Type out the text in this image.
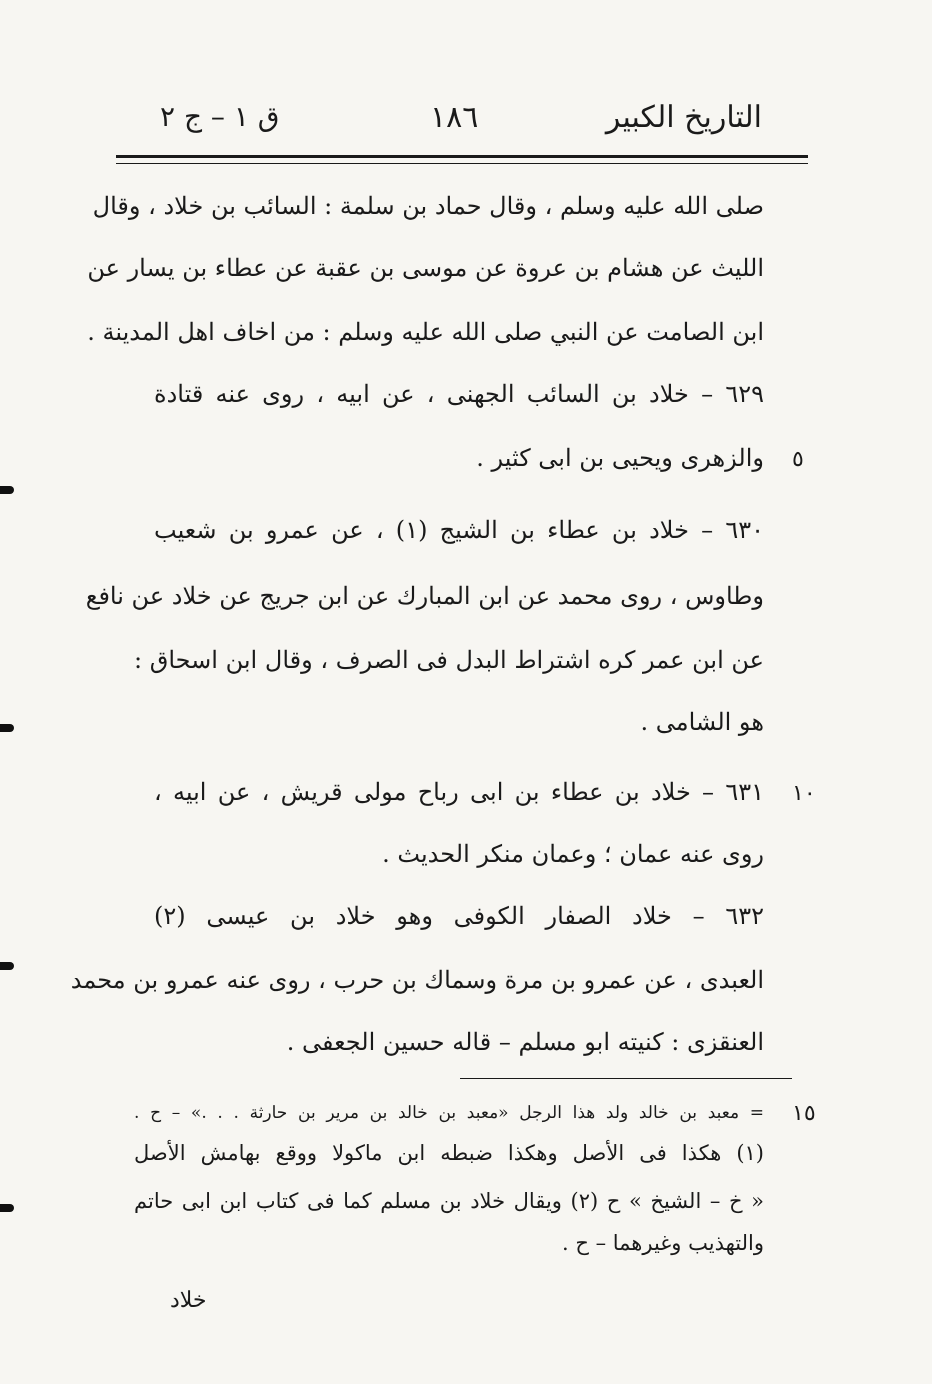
التاريخ الكبير
١٨٦
ق ١ – ج ٢
صلى الله عليه وسلم ، وقال حماد بن سلمة : السائب بن خلاد ، وقال
الليث عن هشام بن عروة عن موسى بن عقبة عن عطاء بن يسار عن
ابن الصامت عن النبي صلى الله عليه وسلم : من اخاف اهل المدينة .
٦٢٩ – خلاد بن السائب الجهنى ، عن ابيه ، روى عنه قتادة
والزهرى ويحيى بن ابى كثير . ٥
٦٣٠ – خلاد بن عطاء بن الشيج (١) ، عن عمرو بن شعيب
وطاوس ، روى محمد عن ابن المبارك عن ابن جريج عن خلاد عن نافع
عن ابن عمر كره اشتراط البدل فى الصرف ، وقال ابن اسحاق :
هو الشامى .
٦٣١ – خلاد بن عطاء بن ابى رباح مولى قريش ، عن ابيه ، ١٠
روى عنه عمان ؛ وعمان منكر الحديث .
٦٣٢ – خلاد الصفار الكوفى وهو خلاد بن عيسى (٢)
العبدى ، عن عمرو بن مرة وسماك بن حرب ، روى عنه عمرو بن محمد
العنقزى : كنيته ابو مسلم – قاله حسين الجعفى .
١٥
= معبد بن خالد ولد هذا الرجل «معبد بن خالد بن مرير بن حارثة . . .» – ح .
(١) هكذا فى الأصل وهكذا ضبطه ابن ماكولا ووقع بهامش الأصل
« خ – الشيخ » ح (٢) ويقال خلاد بن مسلم كما فى كتاب ابن ابى حاتم
والتهذيب وغيرهما – ح .
خلاد
